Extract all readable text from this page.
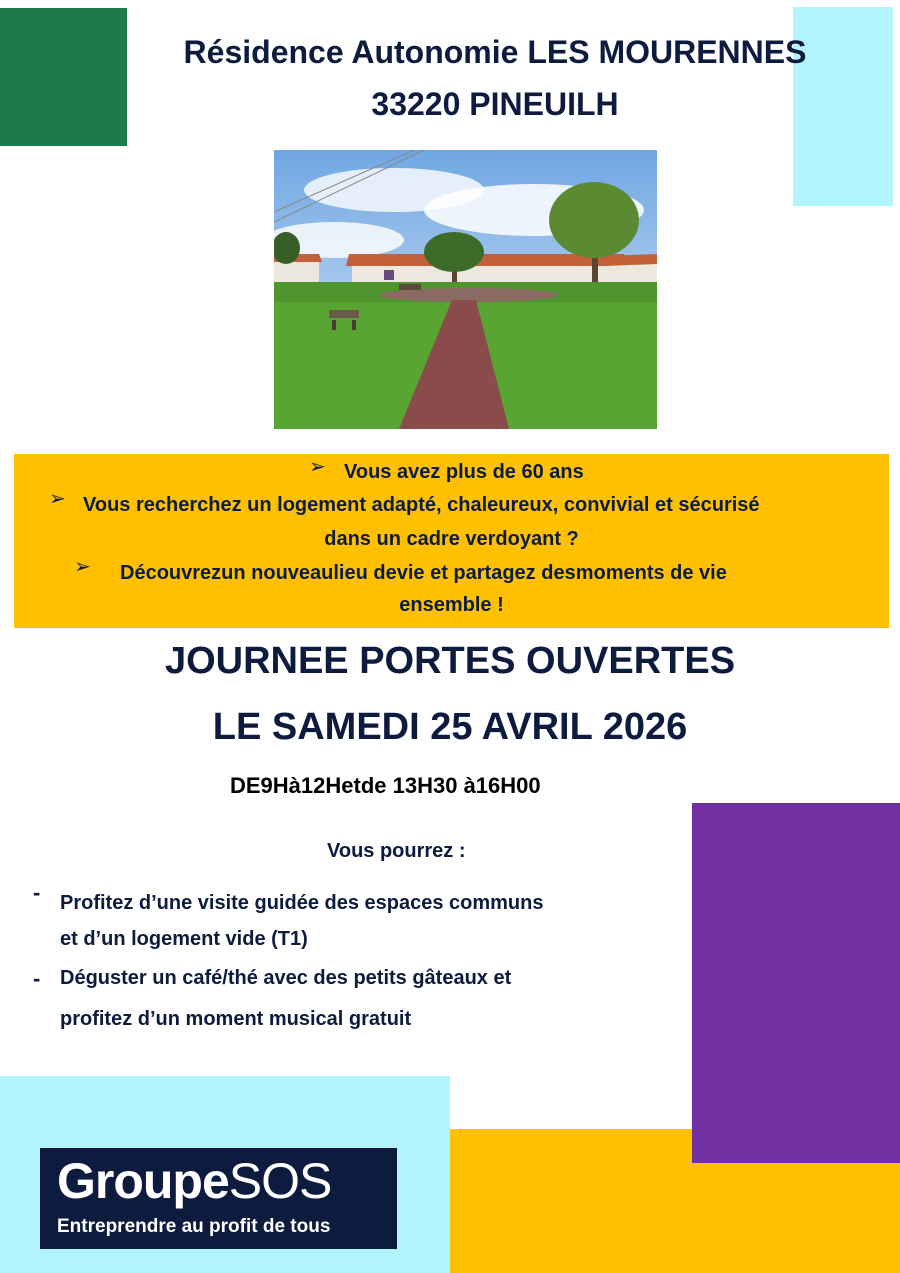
Résidence Autonomie LES MOURENNES
33220 PINEUILH
➢ Vous avez plus de 60 ans
➢ Vous recherchez un logement adapté, chaleureux, convivial et sécurisé
dans un cadre verdoyant ?
➢ Découvrezun nouveaulieu devie et partagez desmoments de vie
ensemble !
JOURNEE PORTES OUVERTES
LE SAMEDI 25 AVRIL 2026
DE9Hà12Hetde 13H30 à16H00
Vous pourrez :
- Profitez d’une visite guidée des espaces communs
et d’un logement vide (T1)
- Déguster un café/thé avec des petits gâteaux et
profitez d’un moment musical gratuit
GroupeSOS
Entreprendre au profit de tous
